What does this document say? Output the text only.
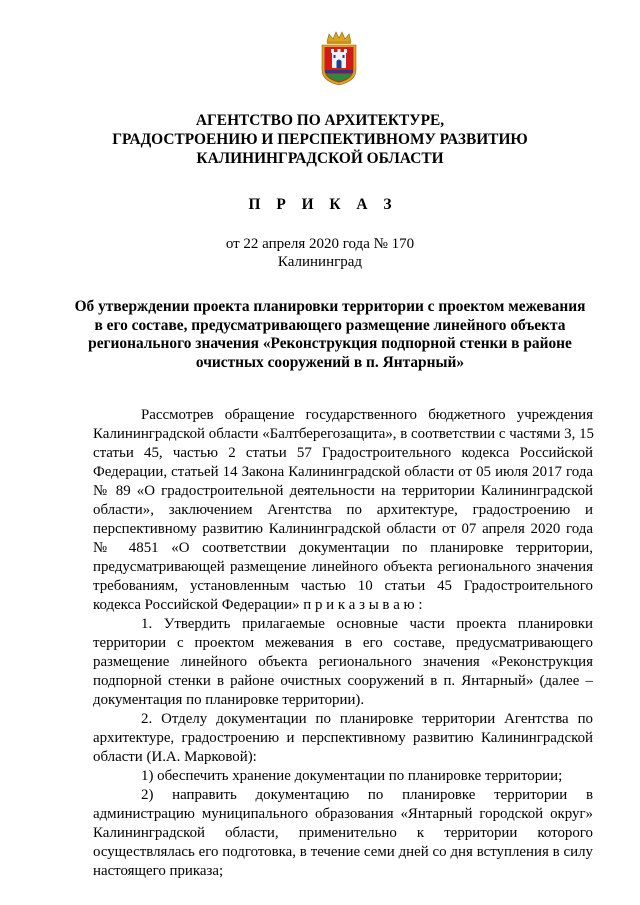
АГЕНТСТВО ПО АРХИТЕКТУРЕ,
ГРАДОСТРОЕНИЮ И ПЕРСПЕКТИВНОМУ РАЗВИТИЮ
КАЛИНИНГРАДСКОЙ ОБЛАСТИ
П Р И К А З
от 22 апреля 2020 года № 170
Калининград
Об утверждении проекта планировки территории с проектом межевания
в его составе, предусматривающего размещение линейного объекта
регионального значения «Реконструкция подпорной стенки в районе
очистных сооружений в п. Янтарный»
Рассмотрев обращение государственного бюджетного учреждения
Калининградской области «Балтберегозащита», в соответствии с частями 3, 15
статьи 45, частью 2 статьи 57 Градостроительного кодекса Российской
Федерации, статьей 14 Закона Калининградской области от 05 июля 2017 года
№ 89 «О градостроительной деятельности на территории Калининградской
области», заключением Агентства по архитектуре, градостроению и
перспективному развитию Калининградской области от 07 апреля 2020 года
№ 4851 «О соответствии документации по планировке территории,
предусматривающей размещение линейного объекта регионального значения
требованиям, установленным частью 10 статьи 45 Градостроительного
кодекса Российской Федерации» п р и к а з ы в а ю :
1. Утвердить прилагаемые основные части проекта планировки
территории с проектом межевания в его составе, предусматривающего
размещение линейного объекта регионального значения «Реконструкция
подпорной стенки в районе очистных сооружений в п. Янтарный» (далее –
документация по планировке территории).
2. Отделу документации по планировке территории Агентства по
архитектуре, градостроению и перспективному развитию Калининградской
области (И.А. Марковой):
1) обеспечить хранение документации по планировке территории;
2) направить документацию по планировке территории в
администрацию муниципального образования «Янтарный городской округ»
Калининградской области, применительно к территории которого
осуществлялась его подготовка, в течение семи дней со дня вступления в силу
настоящего приказа;
